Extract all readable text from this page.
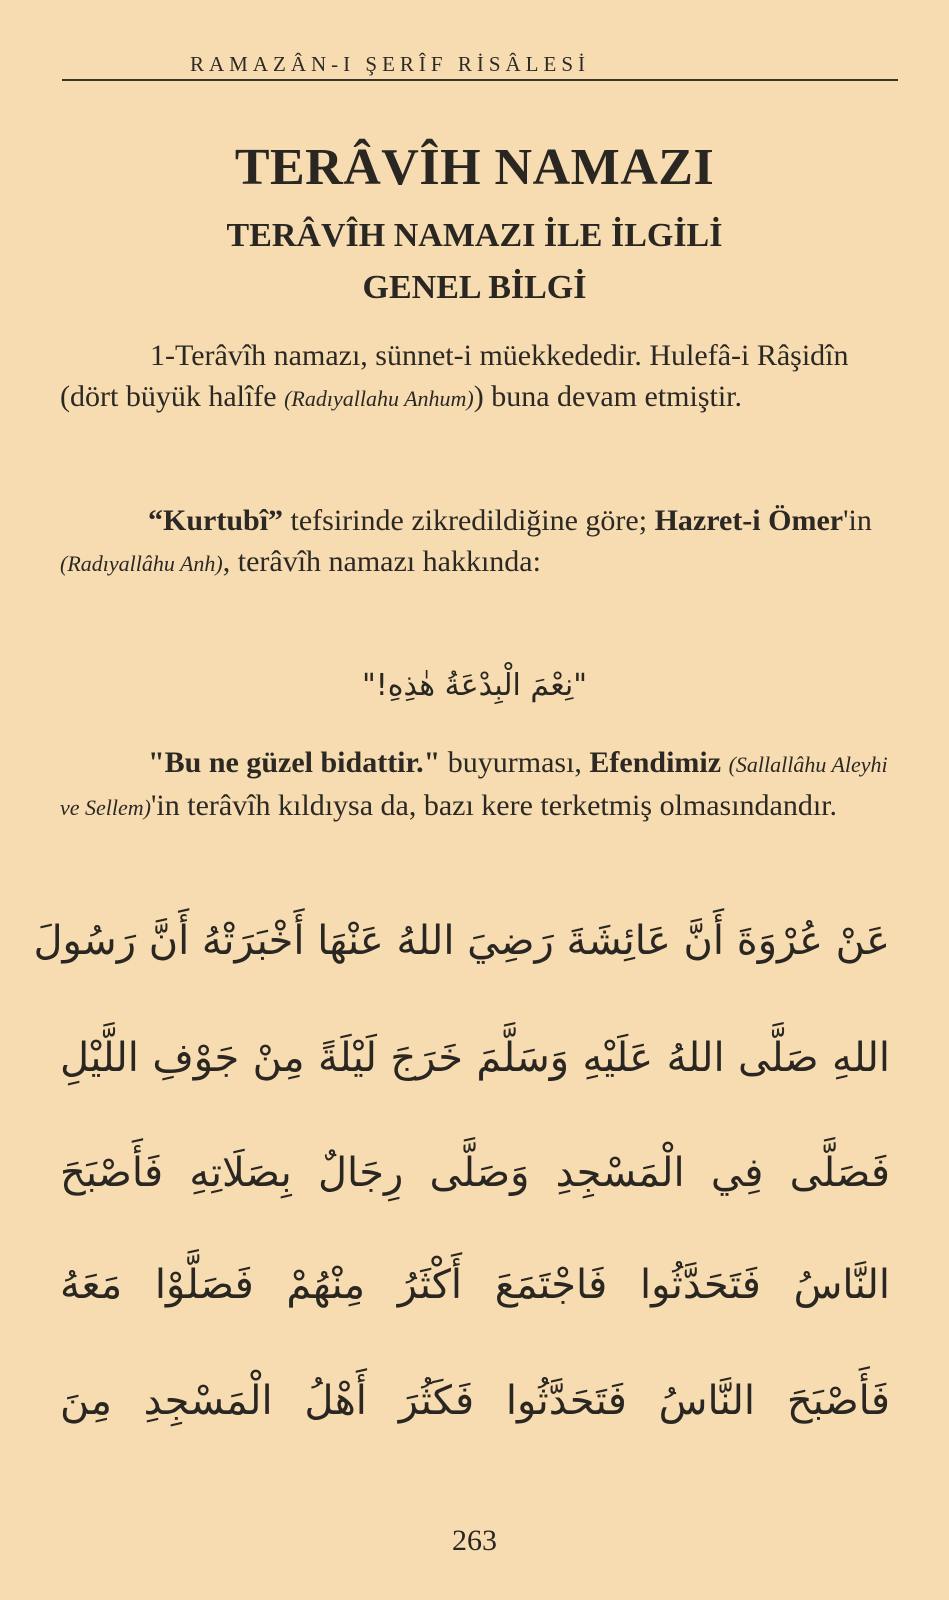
RAMAZÂN-I ŞERÎF RİSÂLESİ
TERÂVÎH NAMAZI
TERÂVÎH NAMAZI İLE İLGİLİ
GENEL BİLGİ
1-Terâvîh namazı, sünnet-i müekkededir. Hulefâ-i Râşidîn (dört büyük halîfe (Radıyallahu Anhum)) buna devam etmiştir.
“Kurtubî” tefsirinde zikredildiğine göre; Hazret-i Ömer'in (Radıyallâhu Anh), terâvîh namazı hakkında:
"نِعْمَ الْبِدْعَةُ هٰذِهِ!"
"Bu ne güzel bidattir." buyurması, Efendimiz (Sallallâhu Aleyhi ve Sellem)'in terâvîh kıldıysa da, bazı kere terketmiş olmasındandır.
عَنْ عُرْوَةَ أَنَّ عَائِشَةَ رَضِيَ اللهُ عَنْهَا أَخْبَرَتْهُ أَنَّ رَسُولَ
اللهِ صَلَّى اللهُ عَلَيْهِ وَسَلَّمَ خَرَجَ لَيْلَةً مِنْ جَوْفِ اللَّيْلِ
فَصَلَّى فِي الْمَسْجِدِ وَصَلَّى رِجَالٌ بِصَلَاتِهِ فَأَصْبَحَ
النَّاسُ فَتَحَدَّثُوا فَاجْتَمَعَ أَكْثَرُ مِنْهُمْ فَصَلَّوْا مَعَهُ
فَأَصْبَحَ النَّاسُ فَتَحَدَّثُوا فَكَثُرَ أَهْلُ الْمَسْجِدِ مِنَ
263
